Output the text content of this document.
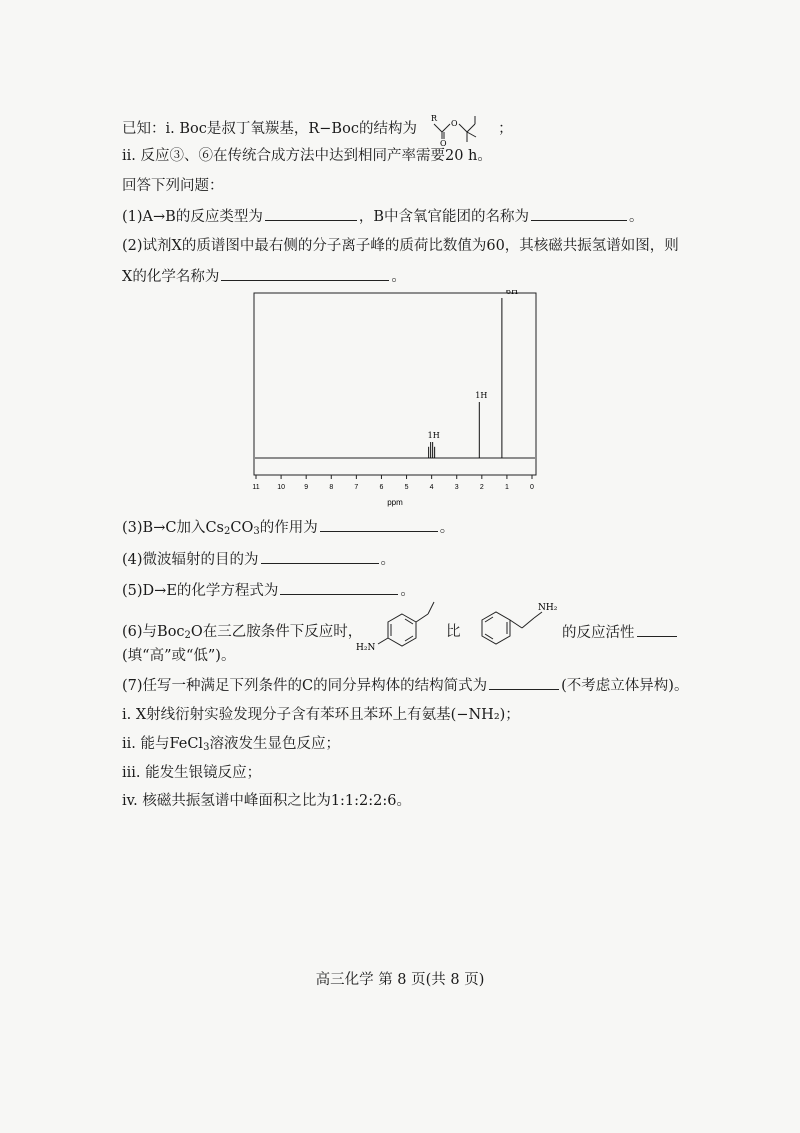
已知：i. Boc是叔丁氧羰基，R−Boc的结构为
R
O
O	；
ii. 反应③、⑥在传统合成方法中达到相同产率需要20 h。
回答下列问题：
(1)A→B的反应类型为	，B中含氧官能团的名称为	。
(2)试剂X的质谱图中最右侧的分子离子峰的质荷比数值为60，其核磁共振氢谱如图，则
X的化学名称为	。
1H
1H
6H
11	10	9	8	7	6	5	4	3	2	1	0
ppm
(3)B→C加入$Cs_2CO_3$的作用为	。
(4)微波辐射的目的为	。
(5)D→E的化学方程式为	。
(6)与Boc$_2$O在三乙胺条件下反应时，
H₂N
比
NH₂
的反应活性
(填“高”或“低”)。
(7)任写一种满足下列条件的C的同分异构体的结构简式为	(不考虑立体异构)。
i. X射线衍射实验发现分子含有苯环且苯环上有氨基(−NH₂)；
ii. 能与FeCl$_3$溶液发生显色反应；
iii. 能发生银镜反应；
iv. 核磁共振氢谱中峰面积之比为1:1:2:2:6。
高三化学 第 8 页(共 8 页)
